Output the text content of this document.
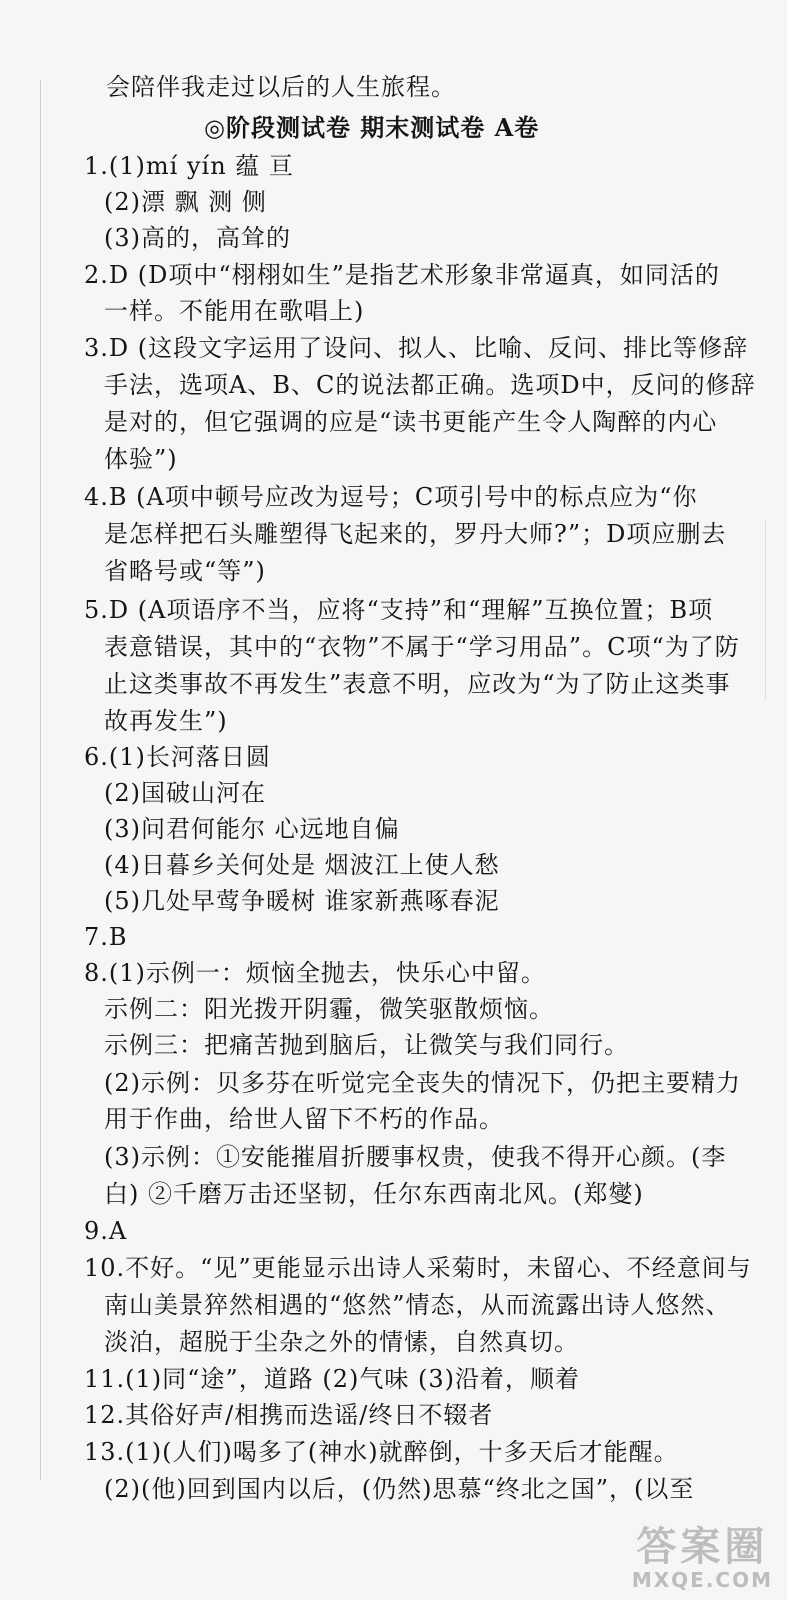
会陪伴我走过以后的人生旅程。
◎阶段测试卷 期末测试卷 A卷
1.(1)mí yín 蕴 亘
(2)漂 飘 测 侧
(3)高的，高耸的
2.D (D项中“栩栩如生”是指艺术形象非常逼真，如同活的
一样。不能用在歌唱上)
3.D (这段文字运用了设问、拟人、比喻、反问、排比等修辞
手法，选项A、B、C的说法都正确。选项D中，反问的修辞
是对的，但它强调的应是“读书更能产生令人陶醉的内心
体验”)
4.B (A项中顿号应改为逗号；C项引号中的标点应为“你
是怎样把石头雕塑得飞起来的，罗丹大师?”；D项应删去
省略号或“等”)
5.D (A项语序不当，应将“支持”和“理解”互换位置；B项
表意错误，其中的“衣物”不属于“学习用品”。C项“为了防
止这类事故不再发生”表意不明，应改为“为了防止这类事
故再发生”)
6.(1)长河落日圆
(2)国破山河在
(3)问君何能尔 心远地自偏
(4)日暮乡关何处是 烟波江上使人愁
(5)几处早莺争暖树 谁家新燕啄春泥
7.B
8.(1)示例一：烦恼全抛去，快乐心中留。
示例二：阳光拨开阴霾，微笑驱散烦恼。
示例三：把痛苦抛到脑后，让微笑与我们同行。
(2)示例：贝多芬在听觉完全丧失的情况下，仍把主要精力
用于作曲，给世人留下不朽的作品。
(3)示例：①安能摧眉折腰事权贵，使我不得开心颜。(李
白) ②千磨万击还坚韧，任尔东西南北风。(郑燮)
9.A
10.不好。“见”更能显示出诗人采菊时，未留心、不经意间与
南山美景猝然相遇的“悠然”情态，从而流露出诗人悠然、
淡泊，超脱于尘杂之外的情愫，自然真切。
11.(1)同“途”，道路 (2)气味 (3)沿着，顺着
12.其俗好声/相携而迭谣/终日不辍者
13.(1)(人们)喝多了(神水)就醉倒，十多天后才能醒。
(2)(他)回到国内以后，(仍然)思慕“终北之国”，(以至
答案圈
MXQE.COM
